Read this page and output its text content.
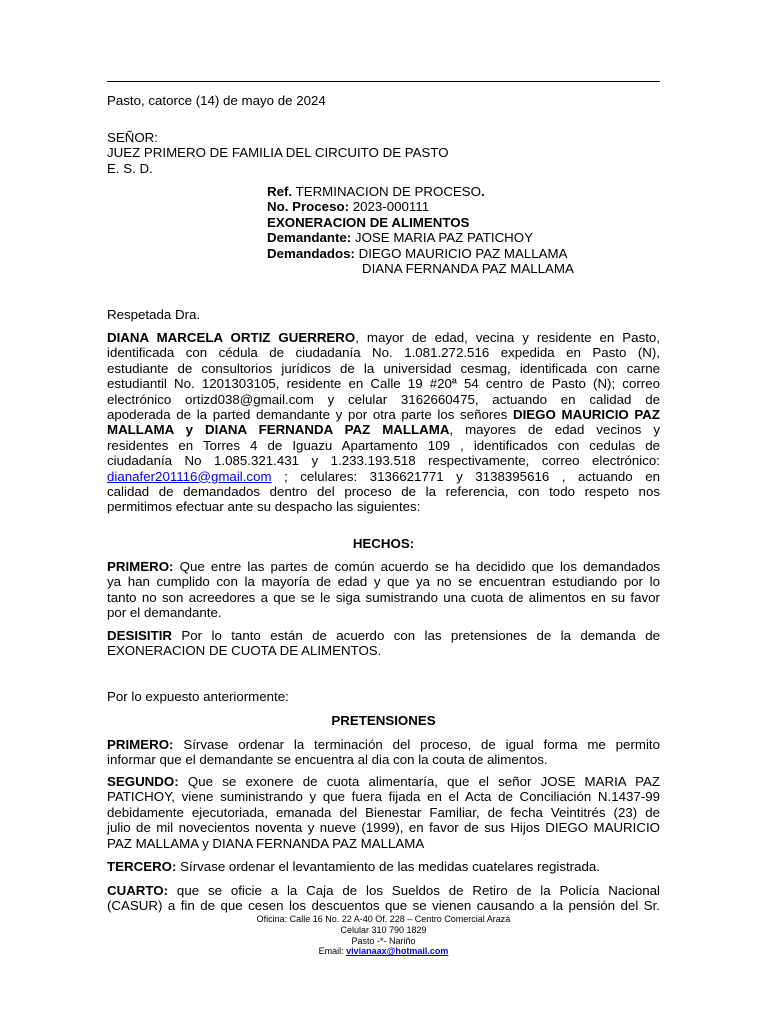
Pasto, catorce (14) de mayo de 2024
SEÑOR:
JUEZ PRIMERO DE FAMILIA DEL CIRCUITO DE PASTO
E. S. D.
Ref. TERMINACION DE PROCESO.
No. Proceso: 2023-000111
EXONERACION DE ALIMENTOS
Demandante: JOSE MARIA PAZ PATICHOY
Demandados: DIEGO MAURICIO PAZ MALLAMA
DIANA FERNANDA PAZ MALLAMA
Respetada Dra.
DIANA MARCELA ORTIZ GUERRERO, mayor de edad, vecina y residente en Pasto,
identificada con cédula de ciudadanía No. 1.081.272.516 expedida en Pasto (N),
estudiante de consultorios jurídicos de la universidad cesmag, identificada con carne
estudiantil No. 1201303105, residente en Calle 19 #20ª 54 centro de Pasto (N); correo
electrónico ortizd038@gmail.com y celular 3162660475, actuando en calidad de
apoderada de la parted demandante y por otra parte los señores DIEGO MAURICIO PAZ
MALLAMA y DIANA FERNANDA PAZ MALLAMA, mayores de edad vecinos y
residentes en Torres 4 de Iguazu Apartamento 109 , identificados con cedulas de
ciudadanía No 1.085.321.431 y 1.233.193.518 respectivamente, correo electrónico:
dianafer201116@gmail.com ; celulares: 3136621771 y 3138395616 , actuando en
calidad de demandados dentro del proceso de la referencia, con todo respeto nos
permitimos efectuar ante su despacho las siguientes:
HECHOS:
PRIMERO: Que entre las partes de común acuerdo se ha decidido que los demandados
ya han cumplido con la mayoría de edad y que ya no se encuentran estudiando por lo
tanto no son acreedores a que se le siga sumistrando una cuota de alimentos en su favor
por el demandante.
DESISITIR Por lo tanto están de acuerdo con las pretensiones de la demanda de
EXONERACION DE CUOTA DE ALIMENTOS.
Por lo expuesto anteriormente:
PRETENSIONES
PRIMERO: Sírvase ordenar la terminación del proceso, de igual forma me permito
informar que el demandante se encuentra al dia con la couta de alimentos.
SEGUNDO: Que se exonere de cuota alimentaría, que el señor JOSE MARIA PAZ
PATICHOY, viene suministrando y que fuera fijada en el Acta de Conciliación N.1437-99
debidamente ejecutoriada, emanada del Bienestar Familiar, de fecha Veintitrés (23) de
julio de mil novecientos noventa y nueve (1999), en favor de sus Hijos DIEGO MAURICIO
PAZ MALLAMA y DIANA FERNANDA PAZ MALLAMA
TERCERO: Sírvase ordenar el levantamiento de las medidas cuatelares registrada.
CUARTO: que se oficie a la Caja de los Sueldos de Retiro de la Policía Nacional
(CASUR) a fin de que cesen los descuentos que se vienen causando a la pensión del Sr.
Oficina: Calle 16 No. 22 A-40 Of. 228 – Centro Comercial Arazá
Celular 310 790 1829
Pasto -*- Nariño
Email: vivianaax@hotmail.com
